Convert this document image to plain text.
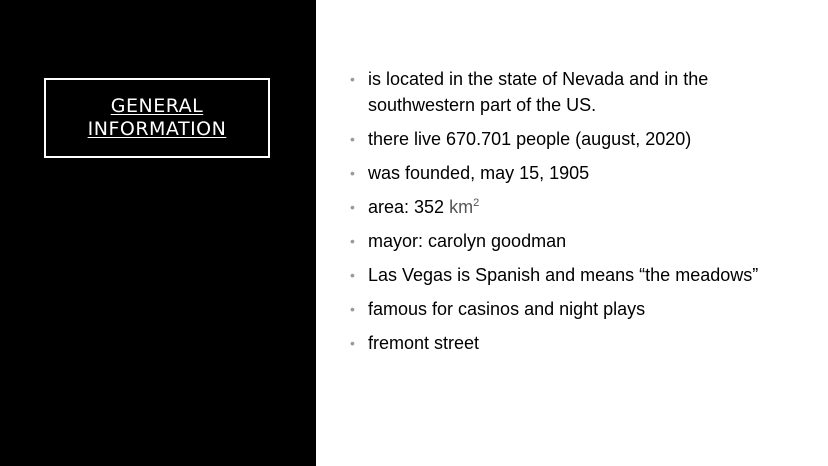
GENERAL
INFORMATION
• is located in the state of Nevada and in the southwestern part of the US.
• there live 670.701 people (august, 2020)
• was founded, may 15, 1905
• area: 352 $km^2$
• mayor: carolyn goodman
• Las Vegas is Spanish and means “the meadows”
• famous for casinos and night plays
• fremont street
